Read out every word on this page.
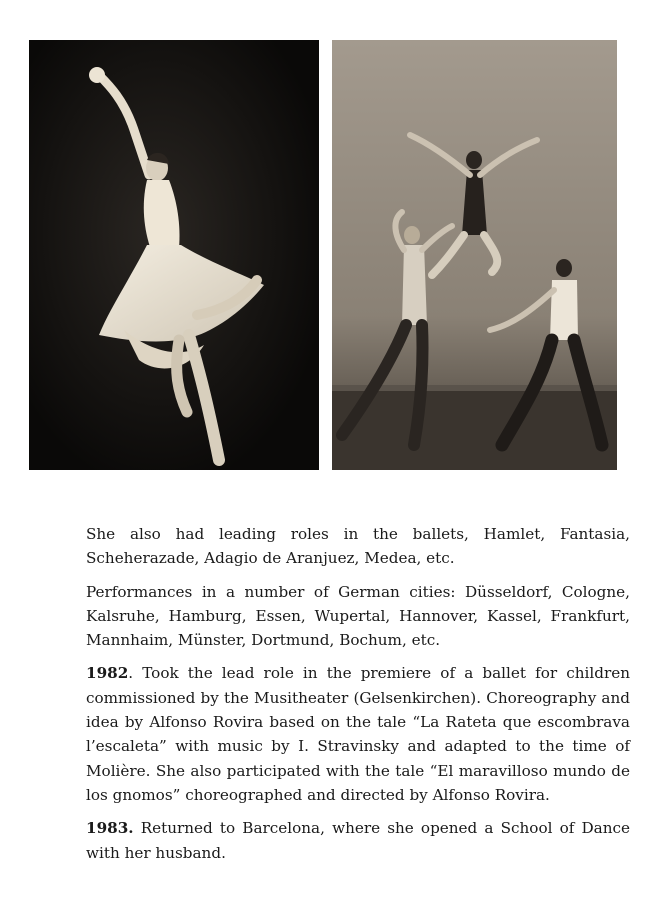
She also had leading roles in the ballets, Hamlet, Fantasia, Scheherazade, Adagio de Aranjuez, Medea, etc.

Performances in a number of German cities: Düsseldorf, Cologne, Kalsruhe, Hamburg, Essen, Wupertal, Hannover, Kassel, Frankfurt, Mannhaim, Münster, Dortmund, Bochum, etc.

1982. Took the lead role in the premiere of a ballet for children commissioned by the Musitheater (Gelsenkirchen). Choreography and idea by Alfonso Rovira based on the tale “La Rateta que escombrava l’escaleta” with music by I. Stravinsky and adapted to the time of Molière. She also participated with the tale “El maravilloso mundo de los gnomos” choreographed and directed by Alfonso Rovira.

1983. Returned to Barcelona, where she opened a School of Dance with her husband.
